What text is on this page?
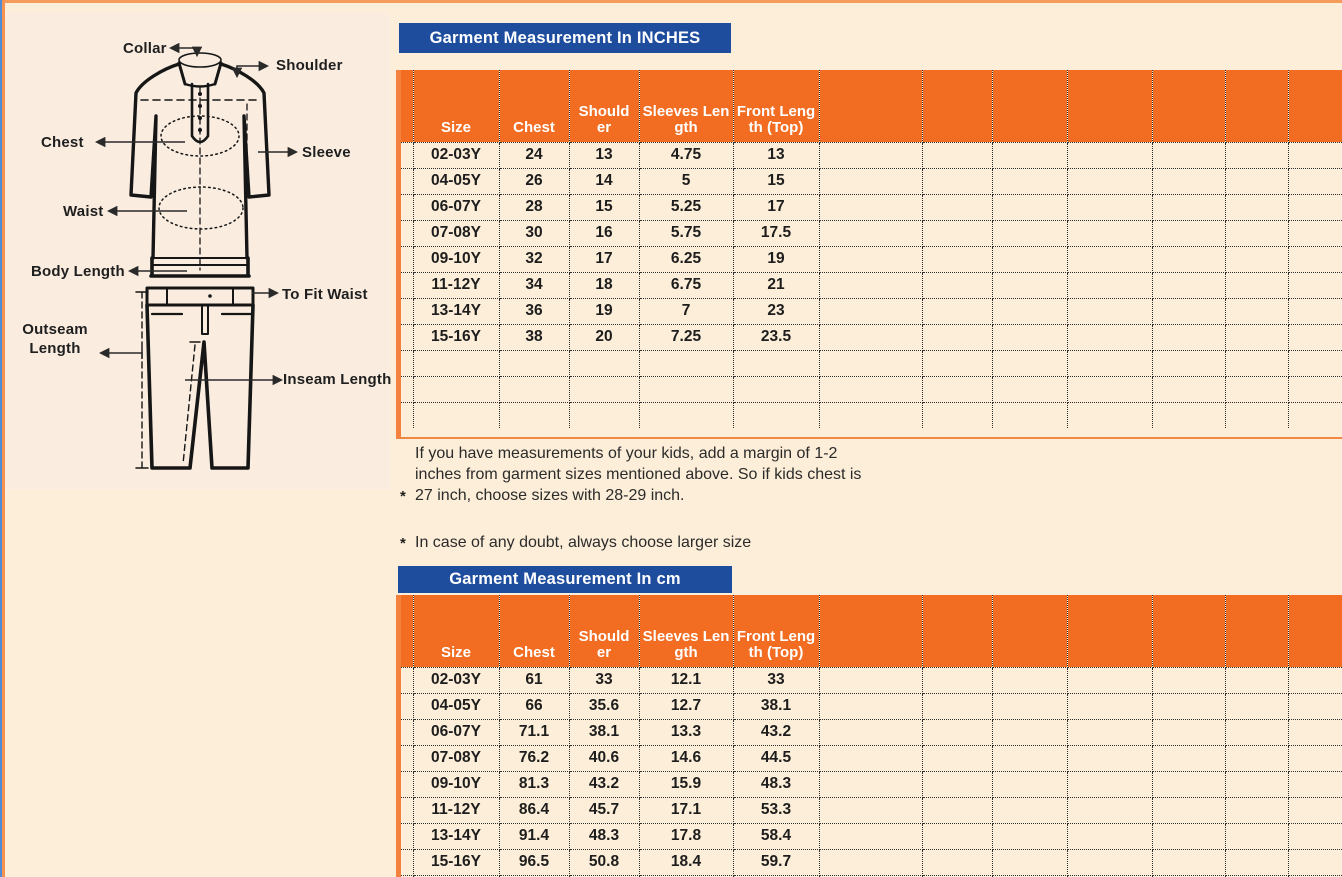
Collar
Shoulder
Chest
Sleeve
Waist
Body Length
To Fit Waist
Outseam Length
Inseam Length
Garment Measurement In INCHES
	Size	Chest	Shoulder	Sleeves Length	Front Length (Top)							
	02-03Y	24	13	4.75	13							
	04-05Y	26	14	5	15							
	06-07Y	28	15	5.25	17							
	07-08Y	30	16	5.75	17.5							
	09-10Y	32	17	6.25	19							
	11-12Y	34	18	6.75	21							
	13-14Y	36	19	7	23							
	15-16Y	38	20	7.25	23.5							

*

If you have measurements of your kids, add a margin of 1-2 inches from garment sizes mentioned above. So if kids chest is 27 inch, choose sizes with 28-29 inch.

* In case of any doubt, always choose larger size

Garment Measurement In cm
	Size	Chest	Shoulder	Sleeves Length	Front Length (Top)							
	02-03Y	61	33	12.1	33							
	04-05Y	66	35.6	12.7	38.1							
	06-07Y	71.1	38.1	13.3	43.2							
	07-08Y	76.2	40.6	14.6	44.5							
	09-10Y	81.3	43.2	15.9	48.3							
	11-12Y	86.4	45.7	17.1	53.3							
	13-14Y	91.4	48.3	17.8	58.4							
	15-16Y	96.5	50.8	18.4	59.7							
